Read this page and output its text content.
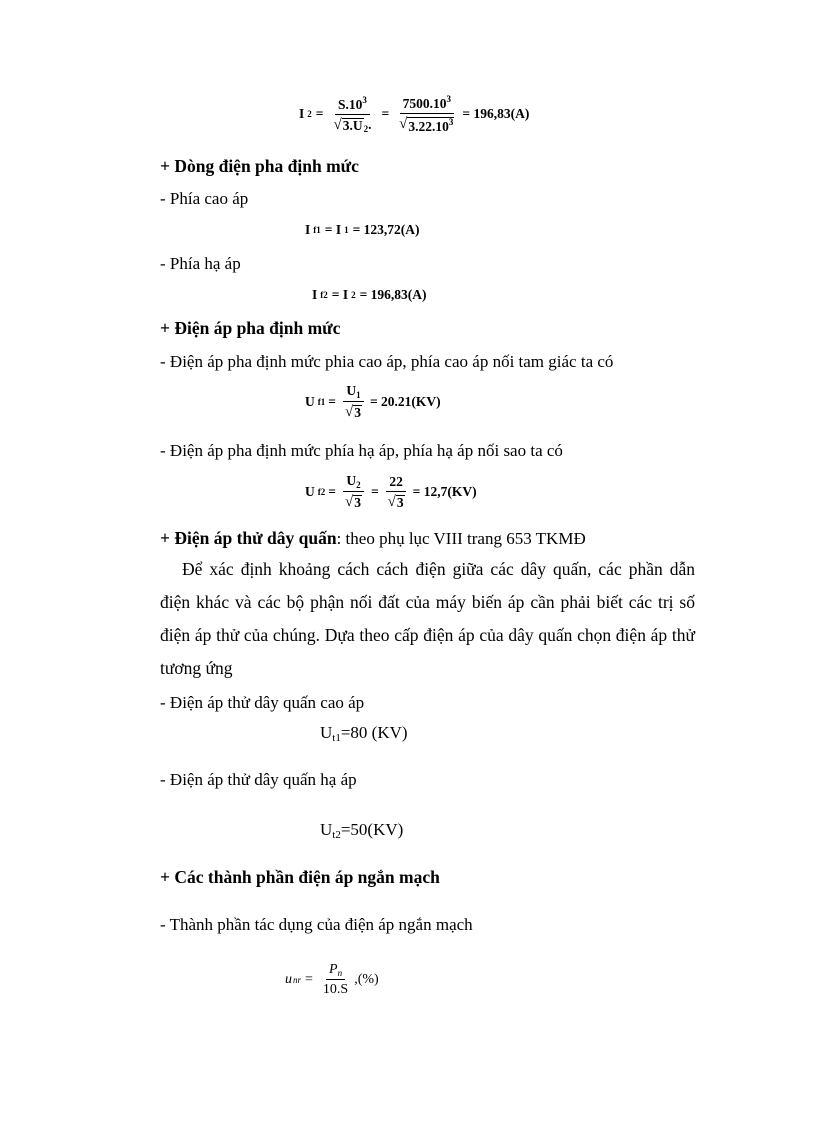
I $2 = \frac{S.10^3}{√ 3.U _2.} = \frac{7500.10^3}{√ 3.22.10^3} = 196,83(A)$
+ Dòng điện pha định mức
- Phía cao áp
I f1 = I 1 = 123,72(A)
- Phía hạ áp
I f2 = I 2 = 196,83(A)
+ Điện áp pha định mức
- Điện áp pha định mức phia cao áp, phía cao áp nối tam giác ta có
U $f1 = \frac{U_1}{√ 3} = 20.21(KV)$
- Điện áp pha định mức phía hạ áp, phía hạ áp nối sao ta có
U $f2 = \frac{U_2}{√ 3} = \frac{22}{√ 3} = 12,7(KV)$
+ Điện áp thử dây quấn: theo phụ lục VIII trang 653 TKMĐ
Để xác định khoảng cách cách điện giữa các dây quấn, các phần dẫn điện khác và các bộ phận nối đất của máy biến áp cần phải biết các trị số điện áp thử của chúng. Dựa theo cấp điện áp của dây quấn chọn điện áp thử tương ứng
- Điện áp thử dây quấn cao áp
$U_{t1}=80$ (KV)
- Điện áp thử dây quấn hạ áp
$U_{t2}=50(KV)$
+ Các thành phần điện áp ngắn mạch
- Thành phần tác dụng của điện áp ngắn mạch
u nr = $\frac{P_n}{10.S}$ ,(%)
